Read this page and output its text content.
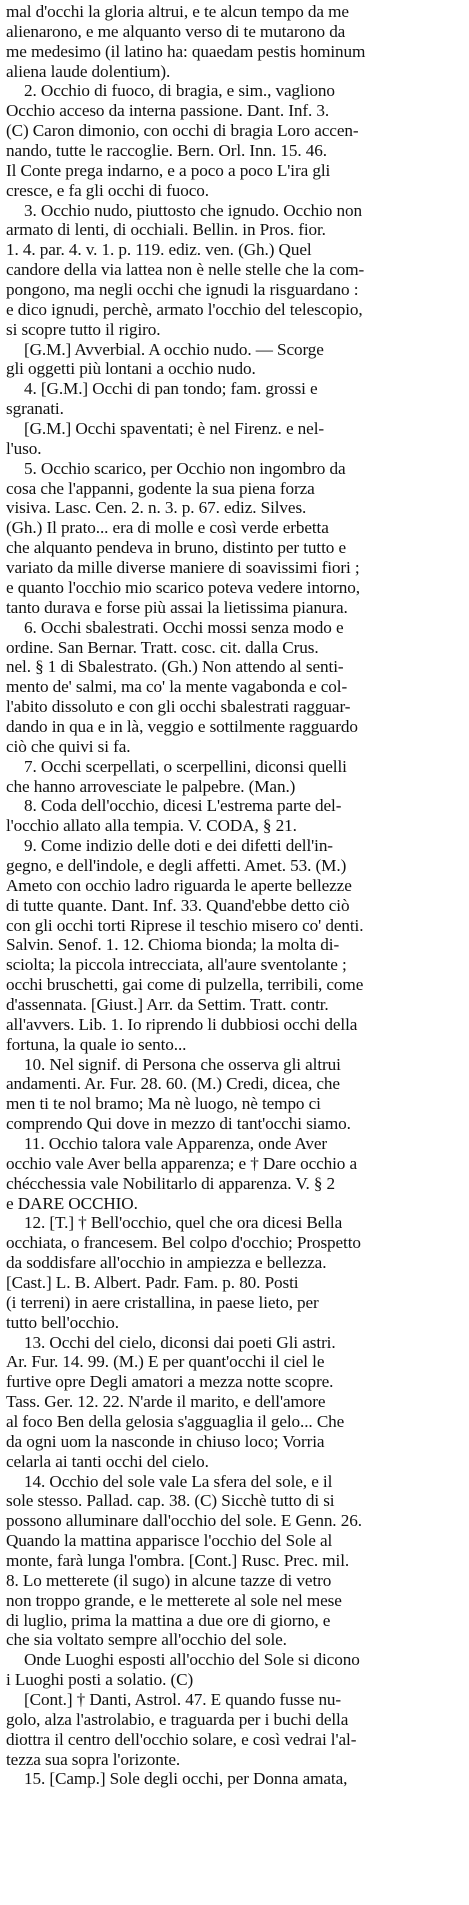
mal d'occhi la gloria altrui, e te alcun tempo da me
alienarono, e me alquanto verso di te mutarono da
me medesimo (il latino ha: quaedam pestis hominum
aliena laude dolentium).
2. Occhio di fuoco, di bragia, e sim., vagliono
Occhio acceso da interna passione. Dant. Inf. 3.
(C) Caron dimonio, con occhi di bragia Loro accen-
nando, tutte le raccoglie. Bern. Orl. Inn. 15. 46.
Il Conte prega indarno, e a poco a poco L'ira gli
cresce, e fa gli occhi di fuoco.
3. Occhio nudo, piuttosto che ignudo. Occhio non
armato di lenti, di occhiali. Bellin. in Pros. fior.
1. 4. par. 4. v. 1. p. 119. ediz. ven. (Gh.) Quel
candore della via lattea non è nelle stelle che la com-
pongono, ma negli occhi che ignudi la risguardano :
e dico ignudi, perchè, armato l'occhio del telescopio,
si scopre tutto il rigiro.
[G.M.] Avverbial. A occhio nudo. — Scorge
gli oggetti più lontani a occhio nudo.
4. [G.M.] Occhi di pan tondo; fam. grossi e
sgranati.
[G.M.] Occhi spaventati; è nel Firenz. e nel-
l'uso.
5. Occhio scarico, per Occhio non ingombro da
cosa che l'appanni, godente la sua piena forza
visiva. Lasc. Cen. 2. n. 3. p. 67. ediz. Silves.
(Gh.) Il prato... era di molle e così verde erbetta
che alquanto pendeva in bruno, distinto per tutto e
variato da mille diverse maniere di soavissimi fiori ;
e quanto l'occhio mio scarico poteva vedere intorno,
tanto durava e forse più assai la lietissima pianura.
6. Occhi sbalestrati. Occhi mossi senza modo e
ordine. San Bernar. Tratt. cosc. cit. dalla Crus.
nel. § 1 di Sbalestrato. (Gh.) Non attendo al senti-
mento de' salmi, ma co' la mente vagabonda e col-
l'abito dissoluto e con gli occhi sbalestrati ragguar-
dando in qua e in là, veggio e sottilmente ragguardo
ciò che quivi si fa.
7. Occhi scerpellati, o scerpellini, diconsi quelli
che hanno arrovesciate le palpebre. (Man.)
8. Coda dell'occhio, dicesi L'estrema parte del-
l'occhio allato alla tempia. V. CODA, § 21.
9. Come indizio delle doti e dei difetti dell'in-
gegno, e dell'indole, e degli affetti. Amet. 53. (M.)
Ameto con occhio ladro riguarda le aperte bellezze
di tutte quante. Dant. Inf. 33. Quand'ebbe detto ciò
con gli occhi torti Riprese il teschio misero co' denti.
Salvin. Senof. 1. 12. Chioma bionda; la molta di-
sciolta; la piccola intrecciata, all'aure sventolante ;
occhi bruschetti, gai come di pulzella, terribili, come
d'assennata. [Giust.] Arr. da Settim. Tratt. contr.
all'avvers. Lib. 1. Io riprendo li dubbiosi occhi della
fortuna, la quale io sento...
10. Nel signif. di Persona che osserva gli altrui
andamenti. Ar. Fur. 28. 60. (M.) Credi, dicea, che
men ti te nol bramo; Ma nè luogo, nè tempo ci
comprendo Qui dove in mezzo di tant'occhi siamo.
11. Occhio talora vale Apparenza, onde Aver
occhio vale Aver bella apparenza; e † Dare occhio a
chécchessia vale Nobilitarlo di apparenza. V. § 2
e DARE OCCHIO.
12. [T.] † Bell'occhio, quel che ora dicesi Bella
occhiata, o francesem. Bel colpo d'occhio; Prospetto
da soddisfare all'occhio in ampiezza e bellezza.
[Cast.] L. B. Albert. Padr. Fam. p. 80. Posti
(i terreni) in aere cristallina, in paese lieto, per
tutto bell'occhio.
13. Occhi del cielo, diconsi dai poeti Gli astri.
Ar. Fur. 14. 99. (M.) E per quant'occhi il ciel le
furtive opre Degli amatori a mezza notte scopre.
Tass. Ger. 12. 22. N'arde il marito, e dell'amore
al foco Ben della gelosia s'agguaglia il gelo... Che
da ogni uom la nasconde in chiuso loco; Vorria
celarla ai tanti occhi del cielo.
14. Occhio del sole vale La sfera del sole, e il
sole stesso. Pallad. cap. 38. (C) Sicchè tutto di si
possono alluminare dall'occhio del sole. E Genn. 26.
Quando la mattina apparisce l'occhio del Sole al
monte, farà lunga l'ombra. [Cont.] Rusc. Prec. mil.
8. Lo metterete (il sugo) in alcune tazze di vetro
non troppo grande, e le metterete al sole nel mese
di luglio, prima la mattina a due ore di giorno, e
che sia voltato sempre all'occhio del sole.
Onde Luoghi esposti all'occhio del Sole si dicono
i Luoghi posti a solatio. (C)
[Cont.] † Danti, Astrol. 47. E quando fusse nu-
golo, alza l'astrolabio, e traguarda per i buchi della
diottra il centro dell'occhio solare, e così vedrai l'al-
tezza sua sopra l'orizonte.
15. [Camp.] Sole degli occhi, per Donna amata,
